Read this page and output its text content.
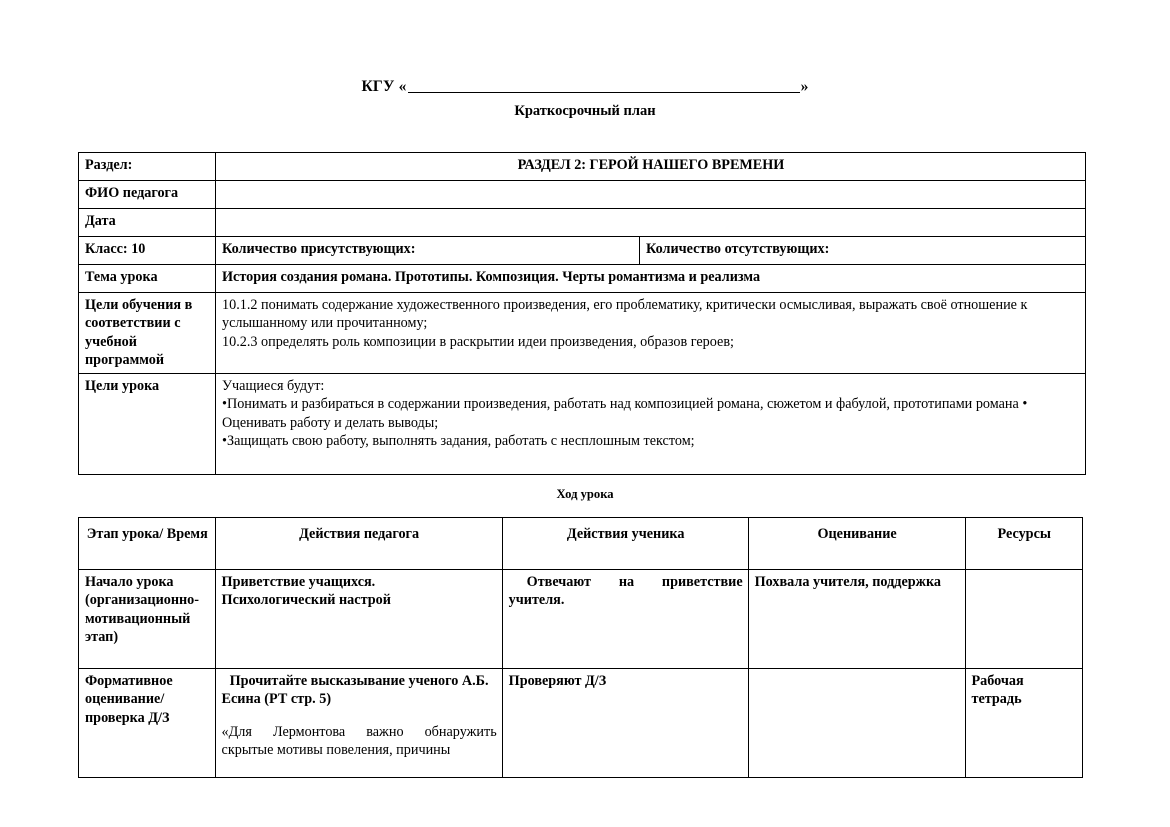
КГУ «	»
Краткосрочный план
Раздел:	РАЗДЕЛ 2: ГЕРОЙ НАШЕГО ВРЕМЕНИ	
ФИО педагога		
Дата		
Класс: 10	Количество присутствующих:	Количество отсутствующих:
Тема урока	История создания романа. Прототипы. Композиция. Черты романтизма и реализма	
Цели обучения в соответствии с учебной программой	10.1.2 понимать содержание художественного произведения, его проблематику, критически осмысливая, выражать своё отношение к услышанному или прочитанному;
10.2.3 определять роль композиции в раскрытии идеи произведения, образов героев;	

Цели урока	Учащиеся будут:
•Понимать и разбираться в содержании произведения, работать над композицией романа, сюжетом и фабулой, прототипами романа •
Оценивать работу и делать выводы;
•Защищать свою работу, выполнять задания, работать с несплошным текстом;	
Ход урока
Этап урока/ Время	Действия педагога	Действия ученика	Оценивание	Ресурсы
Начало урока (организационно-мотивационный этап)	Приветствие учащихся.
Психологический настрой	Отвечают на приветствие учителя.	Похвала учителя, поддержка	
Формативное оценивание/проверка Д/З	Прочитайте высказывание ученого А.Б. Есина (РТ стр. 5)
«Для Лермонтова важно обнаружить скрытые мотивы повеления, причины	Проверяют Д/З		Рабочая тетрадь
